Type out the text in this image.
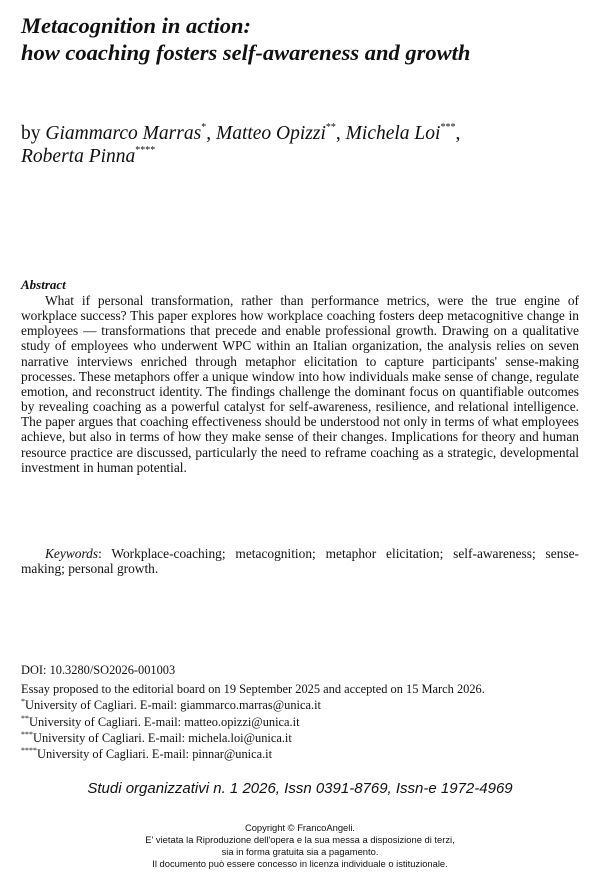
Metacognition in action:
how coaching fosters self-awareness and growth
by Giammarco Marras*, Matteo Opizzi**, Michela Loi***,
Roberta Pinna****
Abstract

What if personal transformation, rather than performance metrics, were the true engine of workplace success? This paper explores how workplace coaching fosters deep metacognitive change in employees — transformations that precede and enable professional growth. Drawing on a qualitative study of employees who underwent WPC within an Italian organization, the analysis relies on seven narrative interviews enriched through metaphor elicitation to capture participants' sense-making processes. These metaphors offer a unique window into how individuals make sense of change, regulate emotion, and reconstruct identity. The findings challenge the dominant focus on quantifiable outcomes by revealing coaching as a powerful catalyst for self-awareness, resilience, and relational intelligence. The paper argues that coaching effectiveness should be understood not only in terms of what employees achieve, but also in terms of how they make sense of their changes. Implications for theory and human resource practice are discussed, particularly the need to reframe coaching as a strategic, developmental investment in human potential.

Keywords: Workplace-coaching; metacognition; metaphor elicitation; self-awareness; sense-making; personal growth.

DOI: 10.3280/SO2026-001003
Essay proposed to the editorial board on 19 September 2025 and accepted on 15 March 2026.
*University of Cagliari. E-mail: giammarco.marras@unica.it
**University of Cagliari. E-mail: matteo.opizzi@unica.it
***University of Cagliari. E-mail: michela.loi@unica.it
****University of Cagliari. E-mail: pinnar@unica.it
Studi organizzativi n. 1 2026, Issn 0391-8769, Issn-e 1972-4969
Copyright © FrancoAngeli.
E' vietata la Riproduzione dell'opera e la sua messa a disposizione di terzi,
sia in forma gratuita sia a pagamento.
Il documento può essere concesso in licenza individuale o istituzionale.
